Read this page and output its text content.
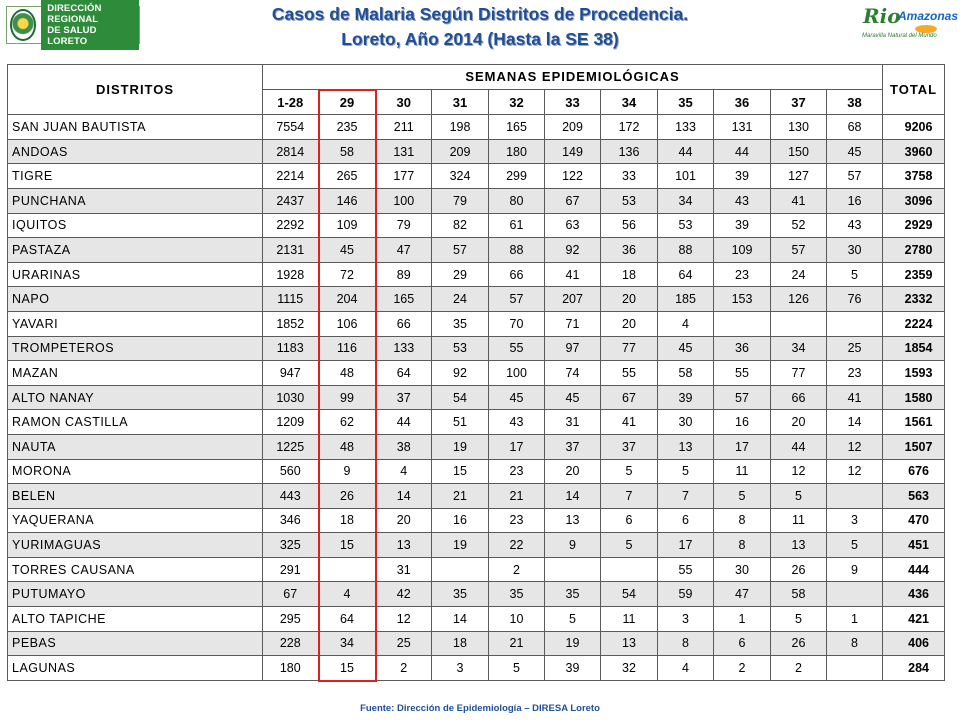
DIRECCIÓN REGIONAL
DE SALUD LORETO
Casos de Malaria Según Distritos de Procedencia.
Loreto, Año 2014 (Hasta la SE 38)
Rio
Amazonas
Maravilla Natural del Mundo
DISTRITOS	SEMANAS EPIDEMIOLÓGICAS											TOTAL
	1-28	29	30	31	32	33	34	35	36	37	38	
SAN JUAN BAUTISTA	7554	235	211	198	165	209	172	133	131	130	68	9206
ANDOAS	2814	58	131	209	180	149	136	44	44	150	45	3960
TIGRE	2214	265	177	324	299	122	33	101	39	127	57	3758
PUNCHANA	2437	146	100	79	80	67	53	34	43	41	16	3096
IQUITOS	2292	109	79	82	61	63	56	53	39	52	43	2929
PASTAZA	2131	45	47	57	88	92	36	88	109	57	30	2780
URARINAS	1928	72	89	29	66	41	18	64	23	24	5	2359
NAPO	1115	204	165	24	57	207	20	185	153	126	76	2332
YAVARI	1852	106	66	35	70	71	20	4				2224
TROMPETEROS	1183	116	133	53	55	97	77	45	36	34	25	1854
MAZAN	947	48	64	92	100	74	55	58	55	77	23	1593
ALTO NANAY	1030	99	37	54	45	45	67	39	57	66	41	1580
RAMON CASTILLA	1209	62	44	51	43	31	41	30	16	20	14	1561
NAUTA	1225	48	38	19	17	37	37	13	17	44	12	1507
MORONA	560	9	4	15	23	20	5	5	11	12	12	676
BELEN	443	26	14	21	21	14	7	7	5	5		563
YAQUERANA	346	18	20	16	23	13	6	6	8	11	3	470
YURIMAGUAS	325	15	13	19	22	9	5	17	8	13	5	451
TORRES CAUSANA	291		31		2			55	30	26	9	444
PUTUMAYO	67	4	42	35	35	35	54	59	47	58		436
ALTO TAPICHE	295	64	12	14	10	5	11	3	1	5	1	421
PEBAS	228	34	25	18	21	19	13	8	6	26	8	406
LAGUNAS	180	15	2	3	5	39	32	4	2	2		284
Fuente: Dirección de Epidemiología – DIRESA Loreto
